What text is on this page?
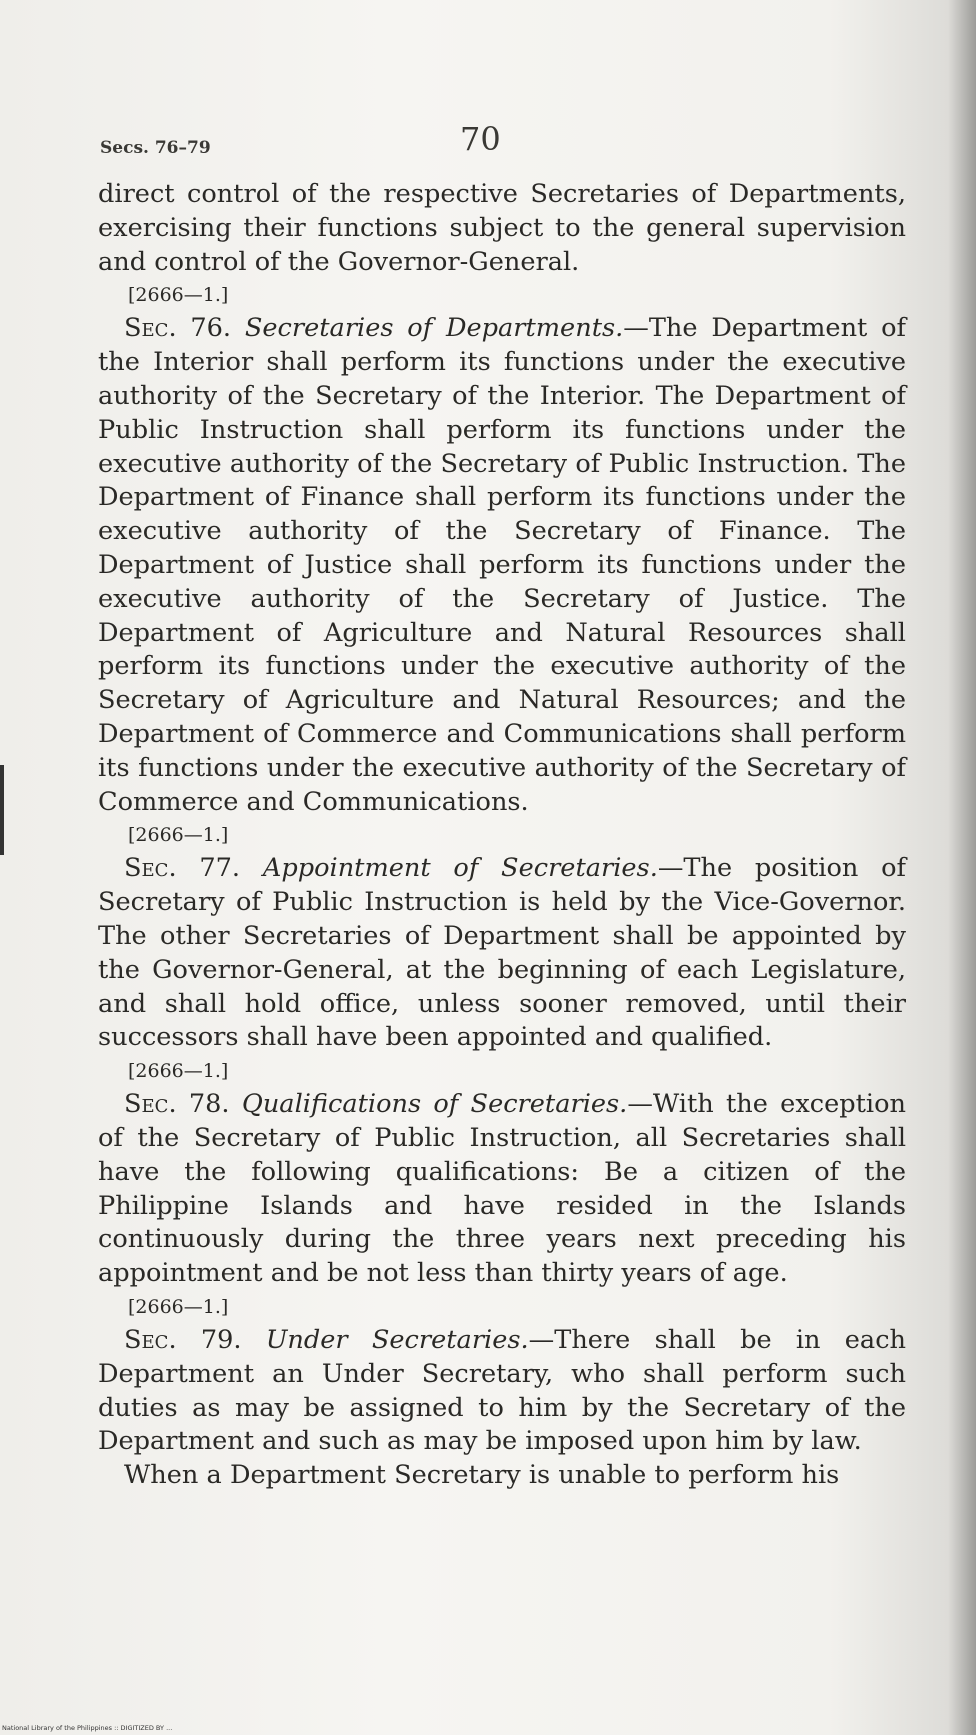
Secs. 76–79	70

direct control of the respective Secretaries of Departments, exercising their functions subject to the general supervision and control of the Governor-General.

[2666—1.]

Sec. 76. Secretaries of Departments.—The Department of the Interior shall perform its functions under the executive authority of the Secretary of the Interior. The Department of Public Instruction shall perform its functions under the executive authority of the Secretary of Public Instruction. The Department of Finance shall perform its functions under the executive authority of the Secretary of Finance. The Department of Justice shall perform its functions under the executive authority of the Secretary of Justice. The Department of Agriculture and Natural Resources shall perform its functions under the executive authority of the Secretary of Agriculture and Natural Resources; and the Department of Commerce and Communications shall perform its functions under the executive authority of the Secretary of Commerce and Communications.

[2666—1.]

Sec. 77. Appointment of Secretaries.—The position of Secretary of Public Instruction is held by the Vice-Governor. The other Secretaries of Department shall be appointed by the Governor-General, at the beginning of each Legislature, and shall hold office, unless sooner removed, until their successors shall have been appointed and qualified.

[2666—1.]

Sec. 78. Qualifications of Secretaries.—With the exception of the Secretary of Public Instruction, all Secretaries shall have the following qualifications: Be a citizen of the Philippine Islands and have resided in the Islands continuously during the three years next preceding his appointment and be not less than thirty years of age.

[2666—1.]

Sec. 79. Under Secretaries.—There shall be in each Department an Under Secretary, who shall perform such duties as may be assigned to him by the Secretary of the Department and such as may be imposed upon him by law.

When a Department Secretary is unable to perform his

National Library of the Philippines :: DIGITIZED BY ...
